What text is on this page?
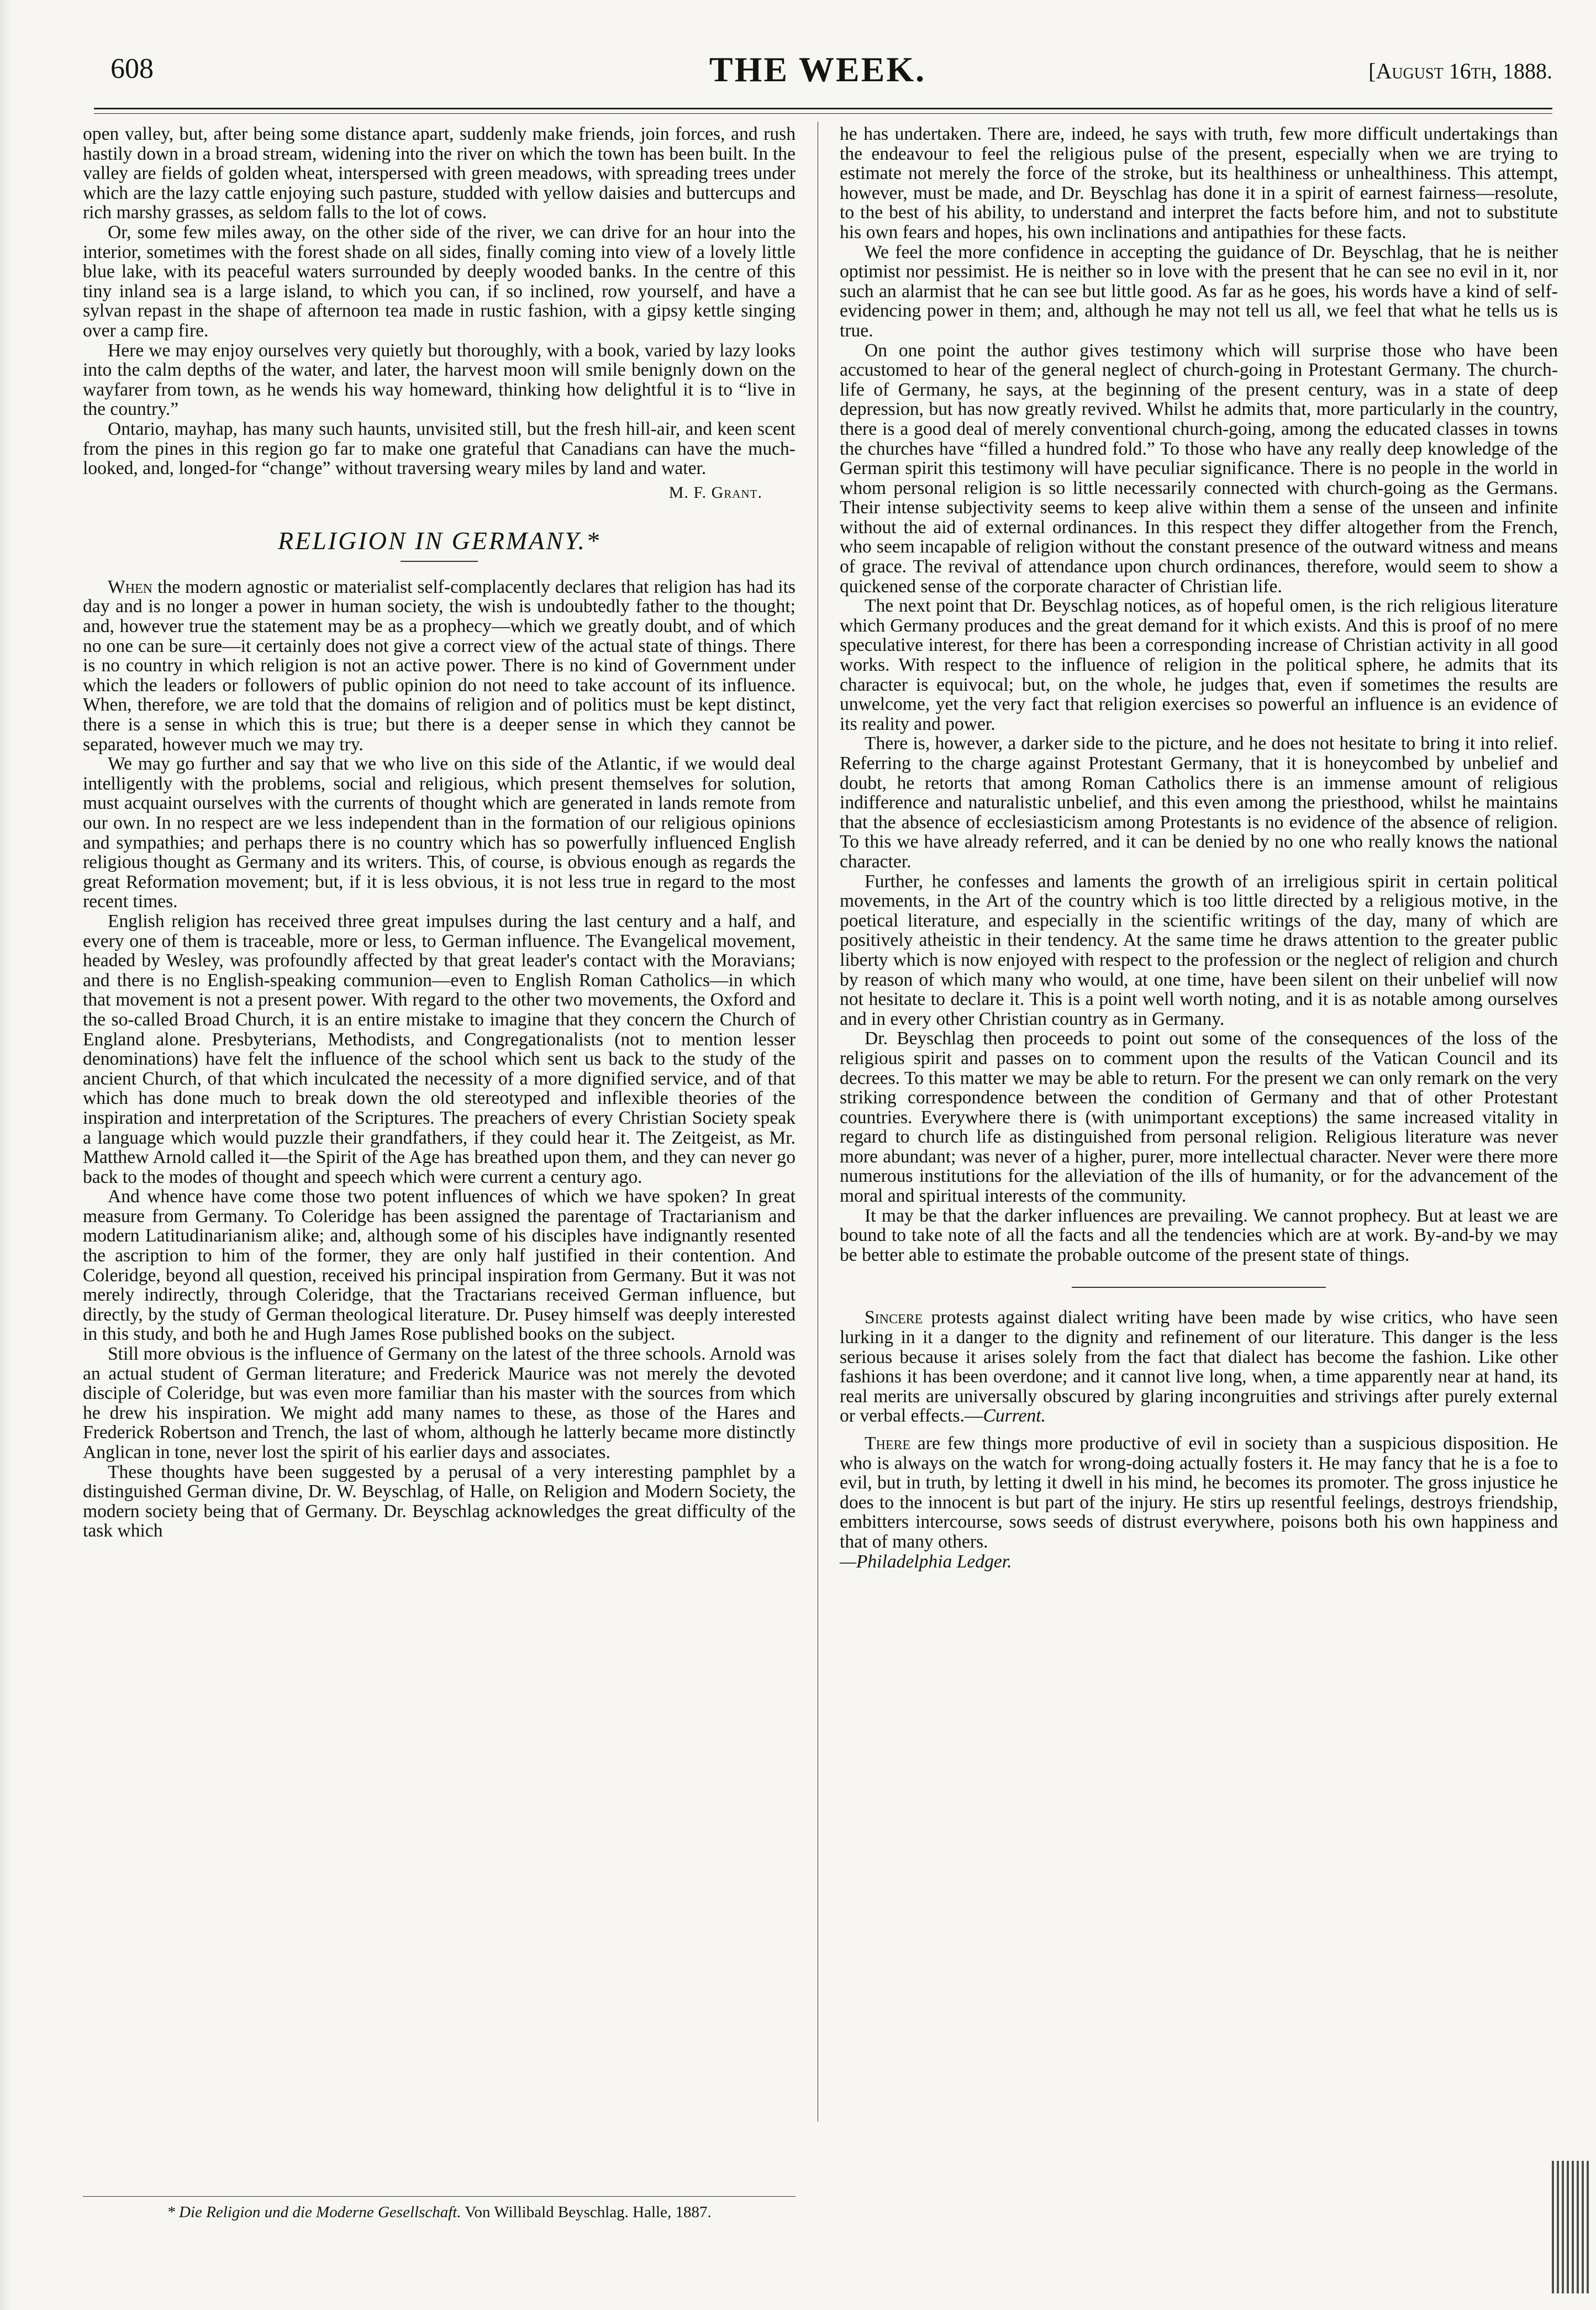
608	THE WEEK.	[August 16th, 1888.

open valley, but, after being some distance apart, suddenly make friends, join forces, and rush hastily down in a broad stream, widening into the river on which the town has been built. In the valley are fields of golden wheat, interspersed with green meadows, with spreading trees under which are the lazy cattle enjoying such pasture, studded with yellow daisies and buttercups and rich marshy grasses, as seldom falls to the lot of cows.

Or, some few miles away, on the other side of the river, we can drive for an hour into the interior, sometimes with the forest shade on all sides, finally coming into view of a lovely little blue lake, with its peaceful waters surrounded by deeply wooded banks. In the centre of this tiny inland sea is a large island, to which you can, if so inclined, row yourself, and have a sylvan repast in the shape of afternoon tea made in rustic fashion, with a gipsy kettle singing over a camp fire.

Here we may enjoy ourselves very quietly but thoroughly, with a book, varied by lazy looks into the calm depths of the water, and later, the harvest moon will smile benignly down on the wayfarer from town, as he wends his way homeward, thinking how delightful it is to “live in the country.”

Ontario, mayhap, has many such haunts, unvisited still, but the fresh hill-air, and keen scent from the pines in this region go far to make one grateful that Canadians can have the much-looked, and, longed-for “change” without traversing weary miles by land and water.

M. F. Grant.
RELIGION IN GERMANY.*

When the modern agnostic or materialist self-complacently declares that religion has had its day and is no longer a power in human society, the wish is undoubtedly father to the thought; and, however true the statement may be as a prophecy—which we greatly doubt, and of which no one can be sure—it certainly does not give a correct view of the actual state of things. There is no country in which religion is not an active power. There is no kind of Government under which the leaders or followers of public opinion do not need to take account of its influence. When, therefore, we are told that the domains of religion and of politics must be kept distinct, there is a sense in which this is true; but there is a deeper sense in which they cannot be separated, however much we may try.

We may go further and say that we who live on this side of the Atlantic, if we would deal intelligently with the problems, social and religious, which present themselves for solution, must acquaint ourselves with the currents of thought which are generated in lands remote from our own. In no respect are we less independent than in the formation of our religious opinions and sympathies; and perhaps there is no country which has so powerfully influenced English religious thought as Germany and its writers. This, of course, is obvious enough as regards the great Reformation movement; but, if it is less obvious, it is not less true in regard to the most recent times.

English religion has received three great impulses during the last century and a half, and every one of them is traceable, more or less, to German influence. The Evangelical movement, headed by Wesley, was profoundly affected by that great leader's contact with the Moravians; and there is no English-speaking communion—even to English Roman Catholics—in which that movement is not a present power. With regard to the other two movements, the Oxford and the so-called Broad Church, it is an entire mistake to imagine that they concern the Church of England alone. Presbyterians, Methodists, and Congregationalists (not to mention lesser denominations) have felt the influence of the school which sent us back to the study of the ancient Church, of that which inculcated the necessity of a more dignified service, and of that which has done much to break down the old stereotyped and inflexible theories of the inspiration and interpretation of the Scriptures. The preachers of every Christian Society speak a language which would puzzle their grandfathers, if they could hear it. The Zeitgeist, as Mr. Matthew Arnold called it—the Spirit of the Age has breathed upon them, and they can never go back to the modes of thought and speech which were current a century ago.

And whence have come those two potent influences of which we have spoken? In great measure from Germany. To Coleridge has been assigned the parentage of Tractarianism and modern Latitudinarianism alike; and, although some of his disciples have indignantly resented the ascription to him of the former, they are only half justified in their contention. And Coleridge, beyond all question, received his principal inspiration from Germany. But it was not merely indirectly, through Coleridge, that the Tractarians received German influence, but directly, by the study of German theological literature. Dr. Pusey himself was deeply interested in this study, and both he and Hugh James Rose published books on the subject.

Still more obvious is the influence of Germany on the latest of the three schools. Arnold was an actual student of German literature; and Frederick Maurice was not merely the devoted disciple of Coleridge, but was even more familiar than his master with the sources from which he drew his inspiration. We might add many names to these, as those of the Hares and Frederick Robertson and Trench, the last of whom, although he latterly became more distinctly Anglican in tone, never lost the spirit of his earlier days and associates.

These thoughts have been suggested by a perusal of a very interesting pamphlet by a distinguished German divine, Dr. W. Beyschlag, of Halle, on Religion and Modern Society, the modern society being that of Germany. Dr. Beyschlag acknowledges the great difficulty of the task which

* Die Religion und die Moderne Gesellschaft. Von Willibald Beyschlag. Halle, 1887.

he has undertaken. There are, indeed, he says with truth, few more difficult undertakings than the endeavour to feel the religious pulse of the present, especially when we are trying to estimate not merely the force of the stroke, but its healthiness or unhealthiness. This attempt, however, must be made, and Dr. Beyschlag has done it in a spirit of earnest fairness—resolute, to the best of his ability, to understand and interpret the facts before him, and not to substitute his own fears and hopes, his own inclinations and antipathies for these facts.

We feel the more confidence in accepting the guidance of Dr. Beyschlag, that he is neither optimist nor pessimist. He is neither so in love with the present that he can see no evil in it, nor such an alarmist that he can see but little good. As far as he goes, his words have a kind of self-evidencing power in them; and, although he may not tell us all, we feel that what he tells us is true.

On one point the author gives testimony which will surprise those who have been accustomed to hear of the general neglect of church-going in Protestant Germany. The church-life of Germany, he says, at the beginning of the present century, was in a state of deep depression, but has now greatly revived. Whilst he admits that, more particularly in the country, there is a good deal of merely conventional church-going, among the educated classes in towns the churches have “filled a hundred fold.” To those who have any really deep knowledge of the German spirit this testimony will have peculiar significance. There is no people in the world in whom personal religion is so little necessarily connected with church-going as the Germans. Their intense subjectivity seems to keep alive within them a sense of the unseen and infinite without the aid of external ordinances. In this respect they differ altogether from the French, who seem incapable of religion without the constant presence of the outward witness and means of grace. The revival of attendance upon church ordinances, therefore, would seem to show a quickened sense of the corporate character of Christian life.

The next point that Dr. Beyschlag notices, as of hopeful omen, is the rich religious literature which Germany produces and the great demand for it which exists. And this is proof of no mere speculative interest, for there has been a corresponding increase of Christian activity in all good works. With respect to the influence of religion in the political sphere, he admits that its character is equivocal; but, on the whole, he judges that, even if sometimes the results are unwelcome, yet the very fact that religion exercises so powerful an influence is an evidence of its reality and power.

There is, however, a darker side to the picture, and he does not hesitate to bring it into relief. Referring to the charge against Protestant Germany, that it is honeycombed by unbelief and doubt, he retorts that among Roman Catholics there is an immense amount of religious indifference and naturalistic unbelief, and this even among the priesthood, whilst he maintains that the absence of ecclesiasticism among Protestants is no evidence of the absence of religion. To this we have already referred, and it can be denied by no one who really knows the national character.

Further, he confesses and laments the growth of an irreligious spirit in certain political movements, in the Art of the country which is too little directed by a religious motive, in the poetical literature, and especially in the scientific writings of the day, many of which are positively atheistic in their tendency. At the same time he draws attention to the greater public liberty which is now enjoyed with respect to the profession or the neglect of religion and church by reason of which many who would, at one time, have been silent on their unbelief will now not hesitate to declare it. This is a point well worth noting, and it is as notable among ourselves and in every other Christian country as in Germany.

Dr. Beyschlag then proceeds to point out some of the consequences of the loss of the religious spirit and passes on to comment upon the results of the Vatican Council and its decrees. To this matter we may be able to return. For the present we can only remark on the very striking correspondence between the condition of Germany and that of other Protestant countries. Everywhere there is (with unimportant exceptions) the same increased vitality in regard to church life as distinguished from personal religion. Religious literature was never more abundant; was never of a higher, purer, more intellectual character. Never were there more numerous institutions for the alleviation of the ills of humanity, or for the advancement of the moral and spiritual interests of the community.

It may be that the darker influences are prevailing. We cannot prophecy. But at least we are bound to take note of all the facts and all the tendencies which are at work. By-and-by we may be better able to estimate the probable outcome of the present state of things.

Sincere protests against dialect writing have been made by wise critics, who have seen lurking in it a danger to the dignity and refinement of our literature. This danger is the less serious because it arises solely from the fact that dialect has become the fashion. Like other fashions it has been overdone; and it cannot live long, when, a time apparently near at hand, its real merits are universally obscured by glaring incongruities and strivings after purely external or verbal effects.—Current.

There are few things more productive of evil in society than a suspicious disposition. He who is always on the watch for wrong-doing actually fosters it. He may fancy that he is a foe to evil, but in truth, by letting it dwell in his mind, he becomes its promoter. The gross injustice he does to the innocent is but part of the injury. He stirs up resentful feelings, destroys friendship, embitters intercourse, sows seeds of distrust everywhere, poisons both his own happiness and that of many others.

—Philadelphia Ledger.
